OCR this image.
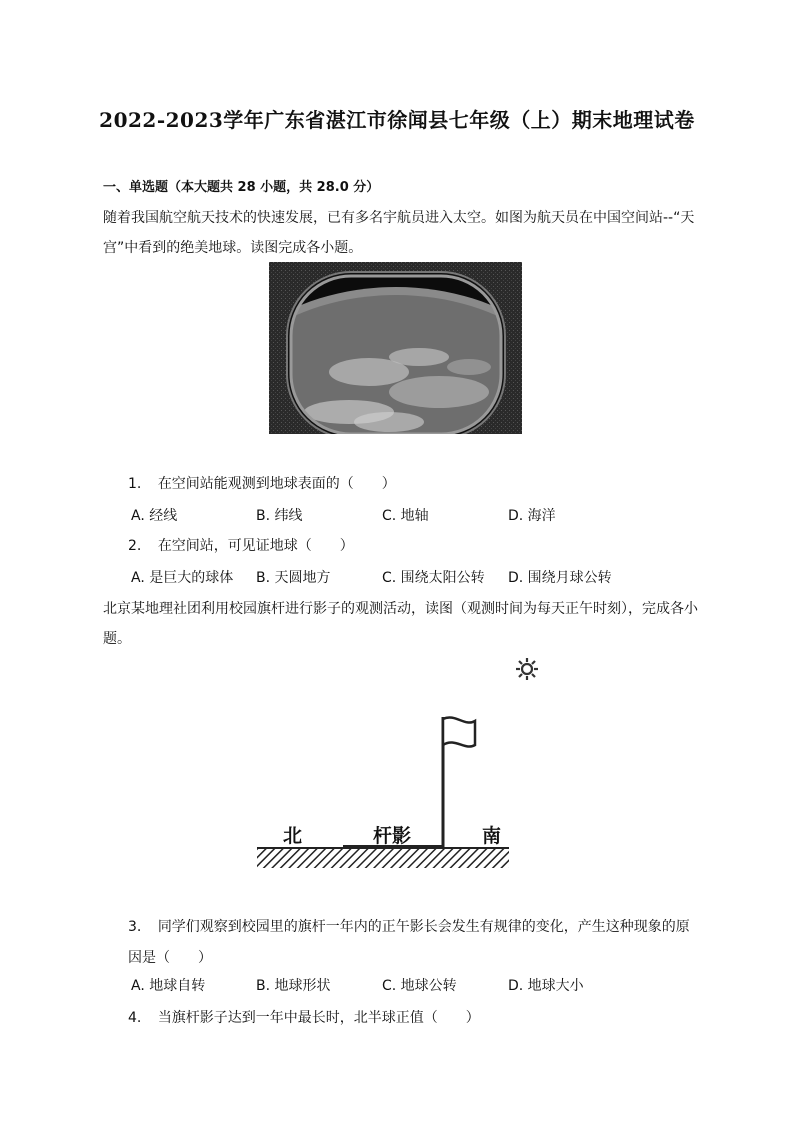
2022-2023学年广东省湛江市徐闻县七年级（上）期末地理试卷
一、单选题（本大题共 28 小题，共 28.0 分）
随着我国航空航天技术的快速发展，已有多名宇航员进入太空。如图为航天员在中国空间站--“天宫”中看到的绝美地球。读图完成各小题。
1. 在空间站能观测到地球表面的（　　）
A. 经线	B. 纬线	C. 地轴	D. 海洋
2. 在空间站，可见证地球（　　）
A. 是巨大的球体 B. 天圆地方	C. 围绕太阳公转 D. 围绕月球公转
北京某地理社团利用校园旗杆进行影子的观测活动，读图（观测时间为每天正午时刻），完成各小题。
北	杆影	南
3. 同学们观察到校园里的旗杆一年内的正午影长会发生有规律的变化，产生这种现象的原因是（　　）
A. 地球自转	B. 地球形状	C. 地球公转	D. 地球大小
4. 当旗杆影子达到一年中最长时，北半球正值（　　）
